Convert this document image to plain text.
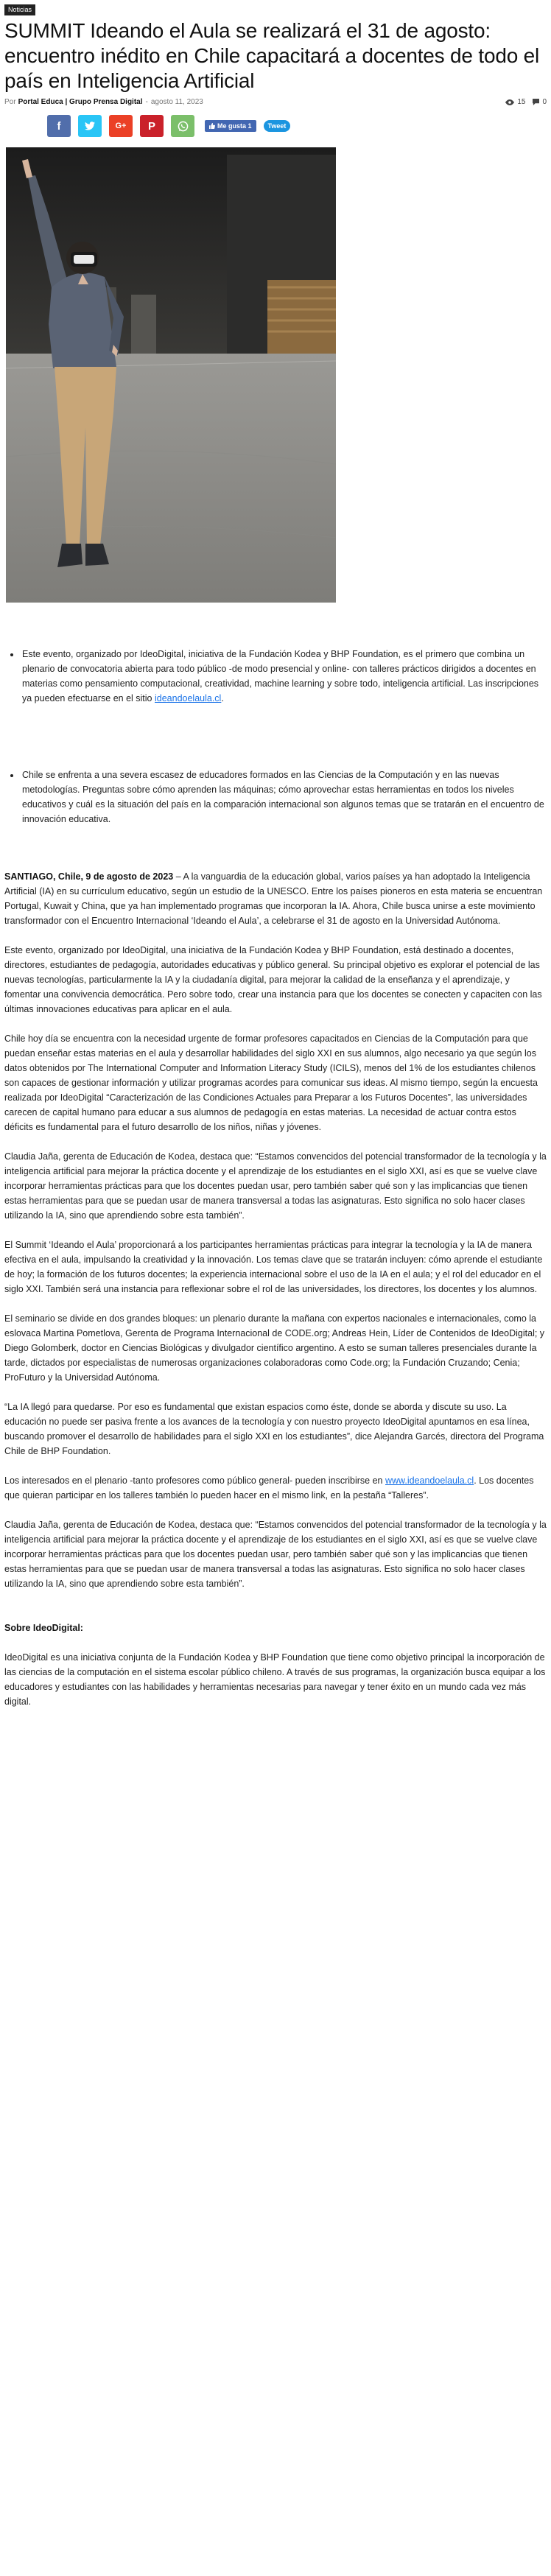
Noticias
SUMMIT Ideando el Aula se realizará el 31 de agosto: encuentro inédito en Chile capacitará a docentes de todo el país en Inteligencia Artificial
Por Portal Educa | Grupo Prensa Digital - agosto 11, 2023	15 0
f	G+ P	Me gusta 1 Tweet
• Este evento, organizado por IdeoDigital, iniciativa de la Fundación Kodea y BHP Foundation, es el primero que combina un plenario de convocatoria abierta para todo público -de modo presencial y online- con talleres prácticos dirigidos a docentes en materias como pensamiento computacional, creatividad, machine learning y sobre todo, inteligencia artificial. Las inscripciones ya pueden efectuarse en el sitio ideandoelaula.cl.
• Chile se enfrenta a una severa escasez de educadores formados en las Ciencias de la Computación y en las nuevas metodologías. Preguntas sobre cómo aprenden las máquinas; cómo aprovechar estas herramientas en todos los niveles educativos y cuál es la situación del país en la comparación internacional son algunos temas que se tratarán en el encuentro de innovación educativa.

SANTIAGO, Chile, 9 de agosto de 2023 – A la vanguardia de la educación global, varios países ya han adoptado la Inteligencia Artificial (IA) en su currículum educativo, según un estudio de la UNESCO. Entre los países pioneros en esta materia se encuentran Portugal, Kuwait y China, que ya han implementado programas que incorporan la IA. Ahora, Chile busca unirse a este movimiento transformador con el Encuentro Internacional ‘Ideando el Aula’, a celebrarse el 31 de agosto en la Universidad Autónoma.

Este evento, organizado por IdeoDigital, una iniciativa de la Fundación Kodea y BHP Foundation, está destinado a docentes, directores, estudiantes de pedagogía, autoridades educativas y público general. Su principal objetivo es explorar el potencial de las nuevas tecnologías, particularmente la IA y la ciudadanía digital, para mejorar la calidad de la enseñanza y el aprendizaje, y fomentar una convivencia democrática. Pero sobre todo, crear una instancia para que los docentes se conecten y capaciten con las últimas innovaciones educativas para aplicar en el aula.

Chile hoy día se encuentra con la necesidad urgente de formar profesores capacitados en Ciencias de la Computación para que puedan enseñar estas materias en el aula y desarrollar habilidades del siglo XXI en sus alumnos, algo necesario ya que según los datos obtenidos por The International Computer and Information Literacy Study (ICILS), menos del 1% de los estudiantes chilenos son capaces de gestionar información y utilizar programas acordes para comunicar sus ideas. Al mismo tiempo, según la encuesta realizada por IdeoDigital “Caracterización de las Condiciones Actuales para Preparar a los Futuros Docentes”, las universidades carecen de capital humano para educar a sus alumnos de pedagogía en estas materias. La necesidad de actuar contra estos déficits es fundamental para el futuro desarrollo de los niños, niñas y jóvenes.

Claudia Jaña, gerenta de Educación de Kodea, destaca que: “Estamos convencidos del potencial transformador de la tecnología y la inteligencia artificial para mejorar la práctica docente y el aprendizaje de los estudiantes en el siglo XXI, así es que se vuelve clave incorporar herramientas prácticas para que los docentes puedan usar, pero también saber qué son y las implicancias que tienen estas herramientas para que se puedan usar de manera transversal a todas las asignaturas. Esto significa no solo hacer clases utilizando la IA, sino que aprendiendo sobre esta también”.

El Summit ‘Ideando el Aula’ proporcionará a los participantes herramientas prácticas para integrar la tecnología y la IA de manera efectiva en el aula, impulsando la creatividad y la innovación. Los temas clave que se tratarán incluyen: cómo aprende el estudiante de hoy; la formación de los futuros docentes; la experiencia internacional sobre el uso de la IA en el aula; y el rol del educador en el siglo XXI. También será una instancia para reflexionar sobre el rol de las universidades, los directores, los docentes y los alumnos.

El seminario se divide en dos grandes bloques: un plenario durante la mañana con expertos nacionales e internacionales, como la eslovaca Martina Pometlova, Gerenta de Programa Internacional de CODE.org; Andreas Hein, Líder de Contenidos de IdeoDigital; y Diego Golomberk, doctor en Ciencias Biológicas y divulgador científico argentino. A esto se suman talleres presenciales durante la tarde, dictados por especialistas de numerosas organizaciones colaboradoras como Code.org; la Fundación Cruzando; Cenia; ProFuturo y la Universidad Autónoma.

“La IA llegó para quedarse. Por eso es fundamental que existan espacios como éste, donde se aborda y discute su uso. La educación no puede ser pasiva frente a los avances de la tecnología y con nuestro proyecto IdeoDigital apuntamos en esa línea, buscando promover el desarrollo de habilidades para el siglo XXI en los estudiantes”, dice Alejandra Garcés, directora del Programa Chile de BHP Foundation.

Los interesados en el plenario -tanto profesores como público general- pueden inscribirse en www.ideandoelaula.cl. Los docentes que quieran participar en los talleres también lo pueden hacer en el mismo link, en la pestaña “Talleres”.

Claudia Jaña, gerenta de Educación de Kodea, destaca que: “Estamos convencidos del potencial transformador de la tecnología y la inteligencia artificial para mejorar la práctica docente y el aprendizaje de los estudiantes en el siglo XXI, así es que se vuelve clave incorporar herramientas prácticas para que los docentes puedan usar, pero también saber qué son y las implicancias que tienen estas herramientas para que se puedan usar de manera transversal a todas las asignaturas. Esto significa no solo hacer clases utilizando la IA, sino que aprendiendo sobre esta también”.

Sobre IdeoDigital:

IdeoDigital es una iniciativa conjunta de la Fundación Kodea y BHP Foundation que tiene como objetivo principal la incorporación de las ciencias de la computación en el sistema escolar público chileno. A través de sus programas, la organización busca equipar a los educadores y estudiantes con las habilidades y herramientas necesarias para navegar y tener éxito en un mundo cada vez más digital.
